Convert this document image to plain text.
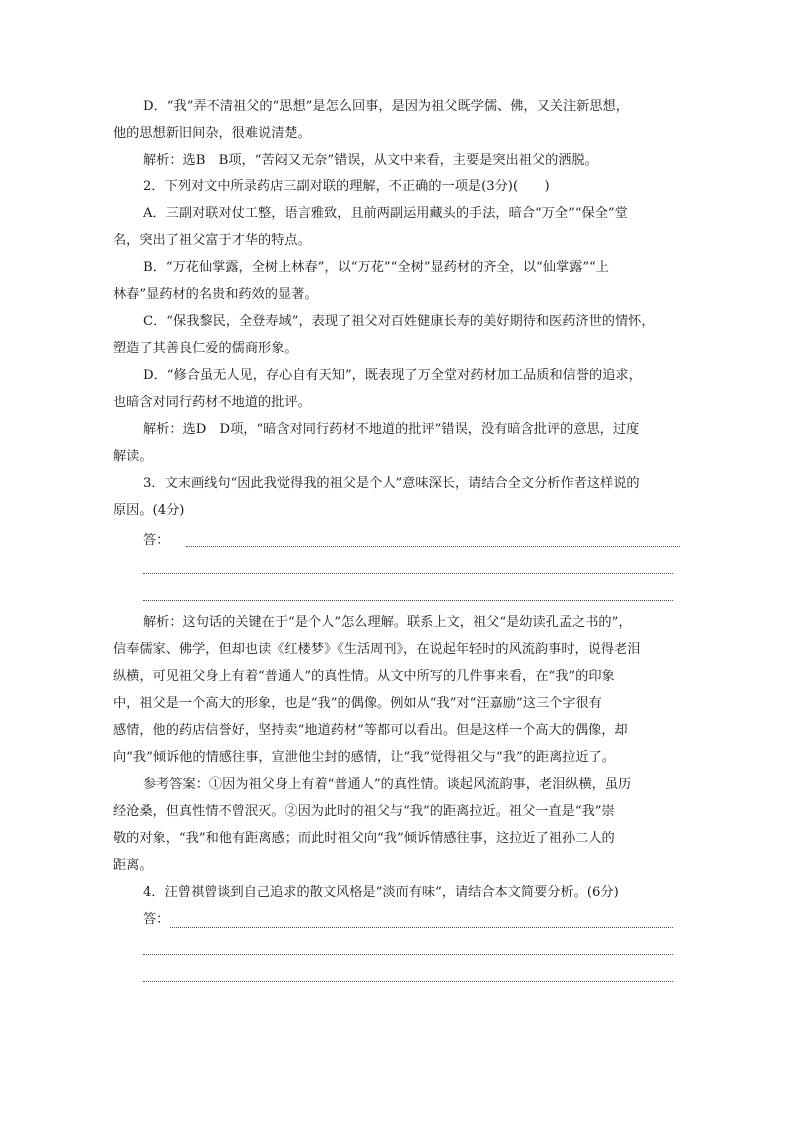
D．“我”弄不清祖父的“思想”是怎么回事，是因为祖父既学儒、佛，又关注新思想，
他的思想新旧间杂，很难说清楚。
解析：选B　B项，“苦闷又无奈”错误，从文中来看，主要是突出祖父的洒脱。
2．下列对文中所录药店三副对联的理解，不正确的一项是(3分)(　　)
A．三副对联对仗工整，语言雅致，且前两副运用藏头的手法，暗合“万全”“保全”堂
名，突出了祖父富于才华的特点。
B．“万花仙掌露，全树上林春”，以“万花”“全树”显药材的齐全，以“仙掌露”“上
林春”显药材的名贵和药效的显著。
C．“保我黎民，全登寿域”，表现了祖父对百姓健康长寿的美好期待和医药济世的情怀，
塑造了其善良仁爱的儒商形象。
D．“修合虽无人见，存心自有天知”，既表现了万全堂对药材加工品质和信誉的追求，
也暗含对同行药材不地道的批评。
解析：选D　D项，“暗含对同行药材不地道的批评”错误，没有暗含批评的意思，过度
解读。
3．文末画线句“因此我觉得我的祖父是个人”意味深长，请结合全文分析作者这样说的
原因。(4分)
答：
解析：这句话的关键在于“是个人”怎么理解。联系上文，祖父“是幼读孔孟之书的”，
信奉儒家、佛学，但却也读《红楼梦》《生活周刊》，在说起年轻时的风流韵事时，说得老泪
纵横，可见祖父身上有着“普通人”的真性情。从文中所写的几件事来看，在“我”的印象
中，祖父是一个高大的形象，也是“我”的偶像。例如从“我”对“汪嘉励”这三个字很有
感情，他的药店信誉好，坚持卖“地道药材”等都可以看出。但是这样一个高大的偶像，却
向“我”倾诉他的情感往事，宣泄他尘封的感情，让“我”觉得祖父与“我”的距离拉近了。
参考答案：①因为祖父身上有着“普通人”的真性情。谈起风流韵事，老泪纵横，虽历
经沧桑，但真性情不曾泯灭。②因为此时的祖父与“我”的距离拉近。祖父一直是“我”崇
敬的对象，“我”和他有距离感；而此时祖父向“我”倾诉情感往事，这拉近了祖孙二人的
距离。
4．汪曾祺曾谈到自己追求的散文风格是“淡而有味”，请结合本文简要分析。(6分)
答：
